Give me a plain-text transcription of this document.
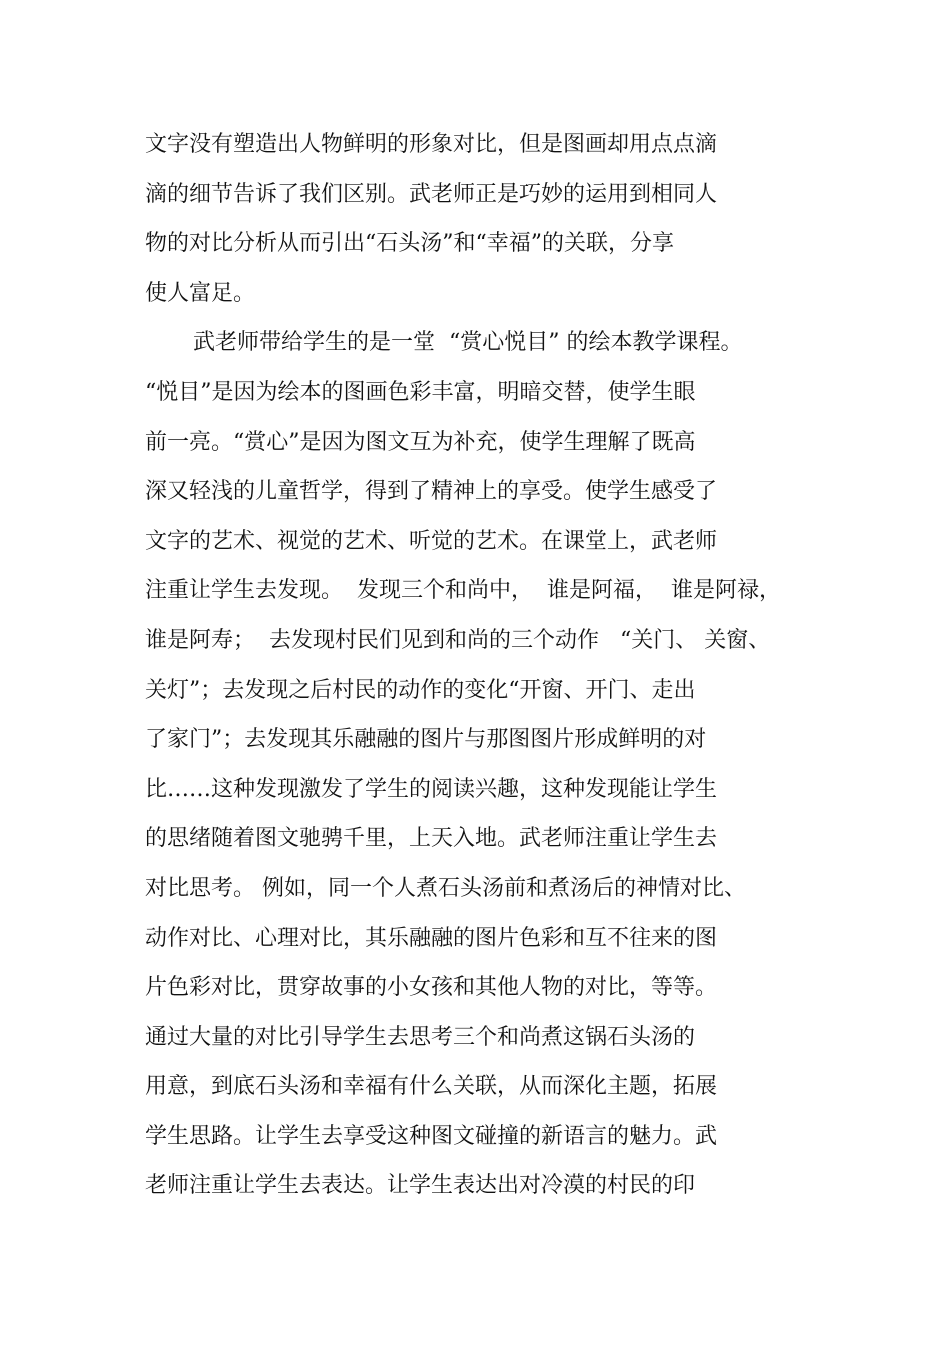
文字没有塑造出人物鲜明的形象对比，但是图画却用点点滴
滴的细节告诉了我们区别。武老师正是巧妙的运用到相同人
物的对比分析从而引出“石头汤”和“幸福”的关联，分享
使人富足。
武老师带给学生的是一堂  “赏心悦目” 的绘本教学课程。
“悦目”是因为绘本的图画色彩丰富，明暗交替，使学生眼
前一亮。“赏心”是因为图文互为补充，使学生理解了既高
深又轻浅的儿童哲学，得到了精神上的享受。使学生感受了
文字的艺术、视觉的艺术、听觉的艺术。在课堂上，武老师
注重让学生去发现。  发现三个和尚中，  谁是阿福，  谁是阿禄，
谁是阿寿；  去发现村民们见到和尚的三个动作   “关门、 关窗、
关灯”；去发现之后村民的动作的变化“开窗、开门、走出
了家门”；去发现其乐融融的图片与那图图片形成鲜明的对
比……这种发现激发了学生的阅读兴趣，这种发现能让学生
的思绪随着图文驰骋千里，上天入地。武老师注重让学生去
对比思考。 例如，同一个人煮石头汤前和煮汤后的神情对比、
动作对比、心理对比，其乐融融的图片色彩和互不往来的图
片色彩对比，贯穿故事的小女孩和其他人物的对比，等等。
通过大量的对比引导学生去思考三个和尚煮这锅石头汤的
用意，到底石头汤和幸福有什么关联，从而深化主题，拓展
学生思路。让学生去享受这种图文碰撞的新语言的魅力。武
老师注重让学生去表达。让学生表达出对冷漠的村民的印
